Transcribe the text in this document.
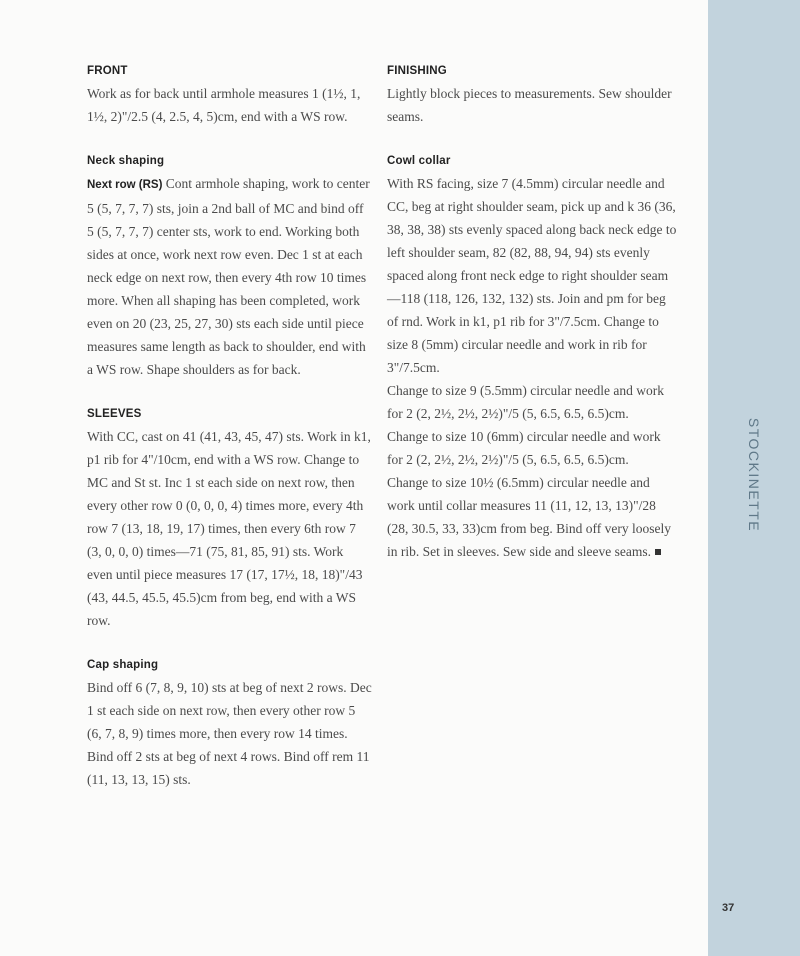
STOCKINETTE
37
FRONT

Work as for back until armhole measures 1 (1½, 1, 1½, 2)"/2.5 (4, 2.5, 4, 5)cm, end with a WS row.

Neck shaping

Next row (RS) Cont armhole shaping, work to center 5 (5, 7, 7, 7) sts, join a 2nd ball of MC and bind off 5 (5, 7, 7, 7) center sts, work to end. Working both sides at once, work next row even. Dec 1 st at each neck edge on next row, then every 4th row 10 times more. When all shaping has been completed, work even on 20 (23, 25, 27, 30) sts each side until piece measures same length as back to shoulder, end with a WS row. Shape shoulders as for back.

SLEEVES

With CC, cast on 41 (41, 43, 45, 47) sts. Work in k1, p1 rib for 4"/10cm, end with a WS row. Change to MC and St st. Inc 1 st each side on next row, then every other row 0 (0, 0, 0, 4) times more, every 4th row 7 (13, 18, 19, 17) times, then every 6th row 7 (3, 0, 0, 0) times—71 (75, 81, 85, 91) sts. Work even until piece measures 17 (17, 17½, 18, 18)"/43 (43, 44.5, 45.5, 45.5)cm from beg, end with a WS row.

Cap shaping

Bind off 6 (7, 8, 9, 10) sts at beg of next 2 rows. Dec 1 st each side on next row, then every other row 5 (6, 7, 8, 9) times more, then every row 14 times. Bind off 2 sts at beg of next 4 rows. Bind off rem 11 (11, 13, 13, 15) sts.

FINISHING

Lightly block pieces to measurements. Sew shoulder seams.

Cowl collar

With RS facing, size 7 (4.5mm) circular needle and CC, beg at right shoulder seam, pick up and k 36 (36, 38, 38, 38) sts evenly spaced along back neck edge to left shoulder seam, 82 (82, 88, 94, 94) sts evenly spaced along front neck edge to right shoulder seam—118 (118, 126, 132, 132) sts. Join and pm for beg of rnd. Work in k1, p1 rib for 3"/7.5cm. Change to size 8 (5mm) circular needle and work in rib for 3"/7.5cm.

Change to size 9 (5.5mm) circular needle and work for 2 (2, 2½, 2½, 2½)"/5 (5, 6.5, 6.5, 6.5)cm.

Change to size 10 (6mm) circular needle and work for 2 (2, 2½, 2½, 2½)"/5 (5, 6.5, 6.5, 6.5)cm.

Change to size 10½ (6.5mm) circular needle and work until collar measures 11 (11, 12, 13, 13)"/28 (28, 30.5, 33, 33)cm from beg. Bind off very loosely in rib. Set in sleeves. Sew side and sleeve seams.
